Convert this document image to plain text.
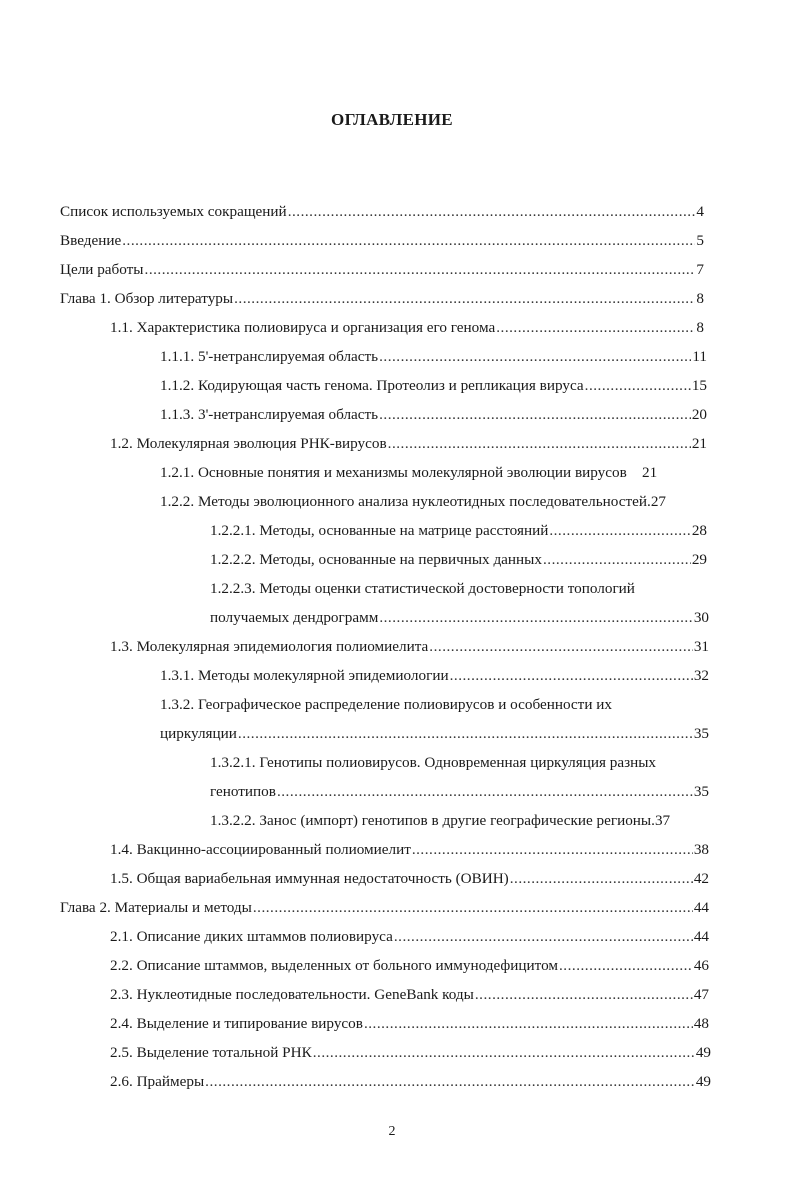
ОГЛАВЛЕНИЕ
Список используемых сокращений .....	4
Введение .....	5
Цели работы .....	7
Глава 1. Обзор литературы .....	8
1.1. Характеристика полиовируса и организация его генома .....	8
1.1.1. 5'-нетранслируемая область .....	11
1.1.2. Кодирующая часть генома. Протеолиз и репликация вируса .....	15
1.1.3. 3'-нетранслируемая область .....	20
1.2. Молекулярная эволюция РНК-вирусов .....	21
1.2.1. Основные понятия и механизмы молекулярной эволюции вирусов 21
1.2.2. Методы эволюционного анализа нуклеотидных последовательностей.27
1.2.2.1. Методы, основанные на матрице расстояний .....	28
1.2.2.2. Методы, основанные на первичных данных .....	29
1.2.2.3. Методы оценки статистической достоверности топологий
получаемых дендрограмм .....	30
1.3. Молекулярная эпидемиология полиомиелита .....	31
1.3.1. Методы молекулярной эпидемиологии .....	32
1.3.2. Географическое распределение полиовирусов и особенности их
циркуляции .....	35
1.3.2.1. Генотипы полиовирусов. Одновременная циркуляция разных
генотипов .....	35
1.3.2.2. Занос (импорт) генотипов в другие географические регионы.37
1.4. Вакцинно-ассоциированный полиомиелит .....	38
1.5. Общая вариабельная иммунная недостаточность (ОВИН) .....	42
Глава 2. Материалы и методы .....	44
2.1. Описание диких штаммов полиовируса .....	44
2.2. Описание штаммов, выделенных от больного иммунодефицитом .....	46
2.3. Нуклеотидные последовательности. GeneBank коды .....	47
2.4. Выделение и типирование вирусов .....	48
2.5. Выделение тотальной РНК .....	49
2.6. Праймеры .....	49
2
